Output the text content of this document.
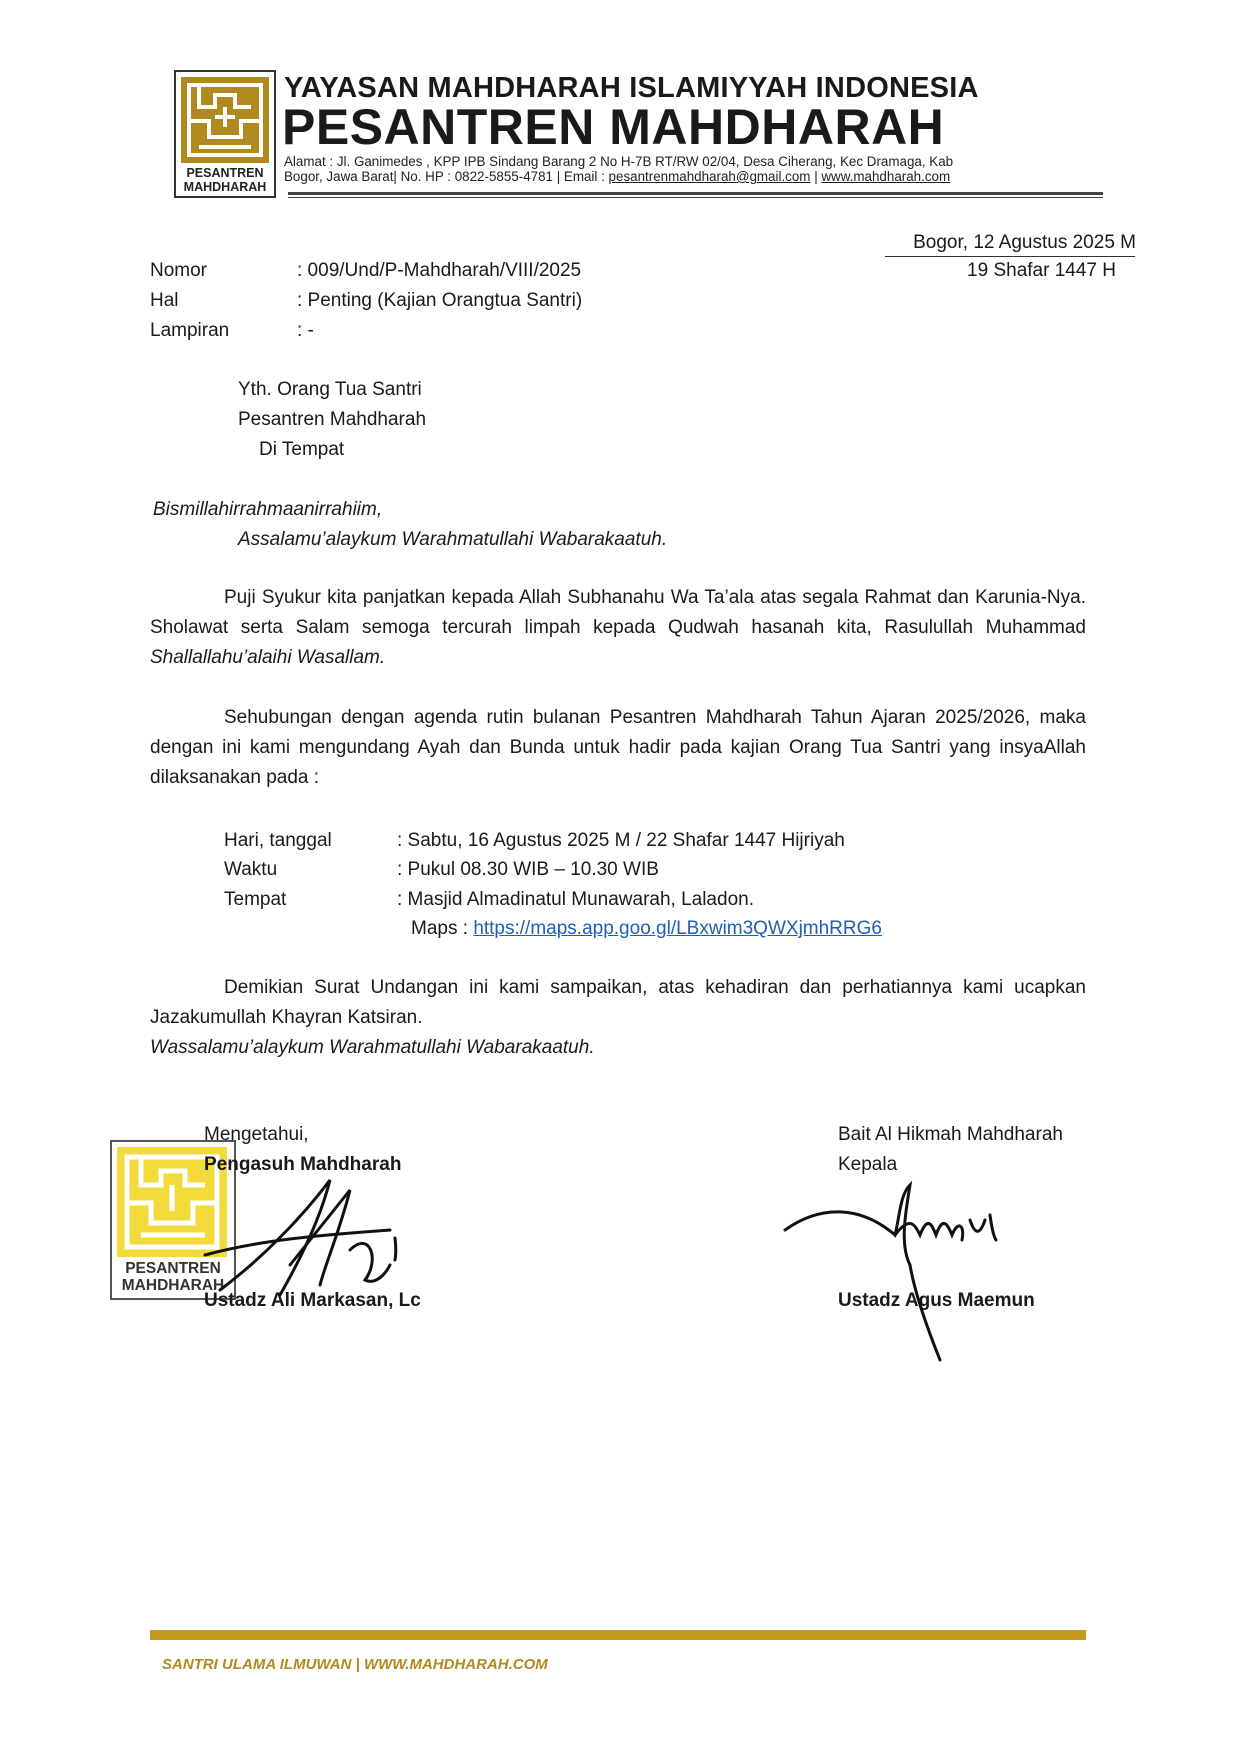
PESANTREN
MAHDHARAH
YAYASAN MAHDHARAH ISLAMIYYAH INDONESIA
PESANTREN MAHDHARAH
Alamat : Jl. Ganimedes , KPP IPB Sindang Barang 2 No H-7B RT/RW 02/04, Desa Ciherang, Kec Dramaga, Kab
Bogor, Jawa Barat| No. HP : 0822-5855-4781 | Email : pesantrenmahdharah@gmail.com | www.mahdharah.com
Bogor, 12 Agustus 2025 M
19 Shafar 1447 H
Nomor	: 009/Und/P-Mahdharah/VIII/2025
Hal	: Penting (Kajian Orangtua Santri)
Lampiran	: -
Yth. Orang Tua Santri
Pesantren Mahdharah
Di Tempat
Bismillahirrahmaanirrahiim,
Assalamu’alaykum Warahmatullahi Wabarakaatuh.
Puji Syukur kita panjatkan kepada Allah Subhanahu Wa Ta’ala atas segala Rahmat dan Karunia-Nya. Sholawat serta Salam semoga tercurah limpah kepada Qudwah hasanah kita, Rasulullah Muhammad Shallallahu’alaihi Wasallam.
Sehubungan dengan agenda rutin bulanan Pesantren Mahdharah Tahun Ajaran 2025/2026, maka dengan ini kami mengundang Ayah dan Bunda untuk hadir pada kajian Orang Tua Santri yang insyaAllah dilaksanakan pada :
Hari, tanggal	: Sabtu, 16 Agustus 2025 M / 22 Shafar 1447 Hijriyah
Waktu	: Pukul 08.30 WIB – 10.30 WIB
Tempat	: Masjid Almadinatul Munawarah, Laladon.
Maps : https://maps.app.goo.gl/LBxwim3QWXjmhRRG6
Demikian Surat Undangan ini kami sampaikan, atas kehadiran dan perhatiannya kami ucapkan Jazakumullah Khayran Katsiran.
Wassalamu’alaykum Warahmatullahi Wabarakaatuh.
PESANTREN
MAHDHARAH
Mengetahui,
Pengasuh Mahdharah
Ustadz Ali Markasan, Lc
Bait Al Hikmah Mahdharah
Kepala
Ustadz Agus Maemun
SANTRI ULAMA ILMUWAN | WWW.MAHDHARAH.COM
